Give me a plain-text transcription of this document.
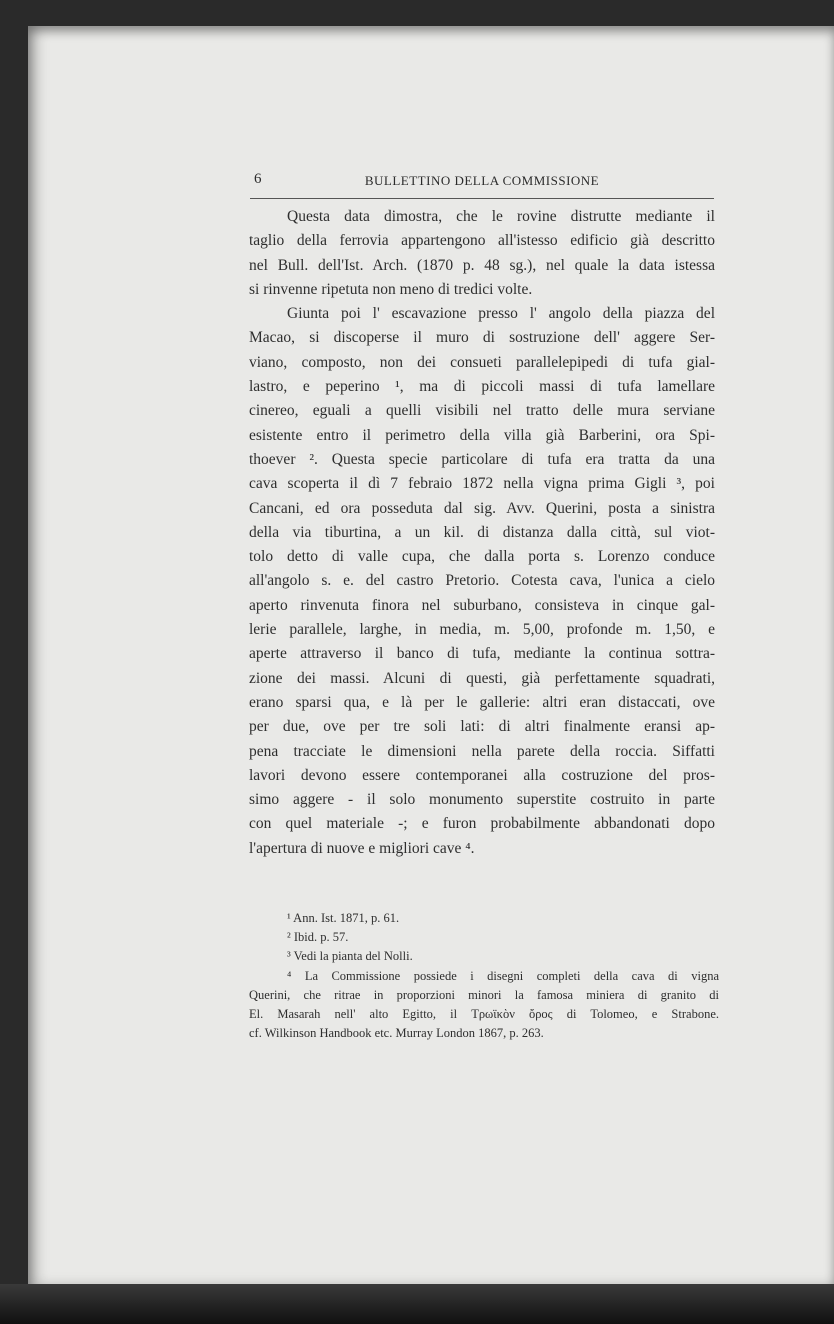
6	BULLETTINO DELLA COMMISSIONE
Questa data dimostra, che le rovine distrutte mediante il
taglio della ferrovia appartengono all'istesso edificio già descritto
nel Bull. dell'Ist. Arch. (1870 p. 48 sg.), nel quale la data istessa
si rinvenne ripetuta non meno di tredici volte.
Giunta poi l' escavazione presso l' angolo della piazza del
Macao, si discoperse il muro di sostruzione dell' aggere Ser-
viano, composto, non dei consueti parallelepipedi di tufa gial-
lastro, e peperino ¹, ma di piccoli massi di tufa lamellare
cinereo, eguali a quelli visibili nel tratto delle mura serviane
esistente entro il perimetro della villa già Barberini, ora Spi-
thoever ². Questa specie particolare di tufa era tratta da una
cava scoperta il dì 7 febraio 1872 nella vigna prima Gigli ³, poi
Cancani, ed ora posseduta dal sig. Avv. Querini, posta a sinistra
della via tiburtina, a un kil. di distanza dalla città, sul viot-
tolo detto di valle cupa, che dalla porta s. Lorenzo conduce
all'angolo s. e. del castro Pretorio. Cotesta cava, l'unica a cielo
aperto rinvenuta finora nel suburbano, consisteva in cinque gal-
lerie parallele, larghe, in media, m. 5,00, profonde m. 1,50, e
aperte attraverso il banco di tufa, mediante la continua sottra-
zione dei massi. Alcuni di questi, già perfettamente squadrati,
erano sparsi qua, e là per le gallerie: altri eran distaccati, ove
per due, ove per tre soli lati: di altri finalmente eransi ap-
pena tracciate le dimensioni nella parete della roccia. Siffatti
lavori devono essere contemporanei alla costruzione del pros-
simo aggere - il solo monumento superstite costruito in parte
con quel materiale -; e furon probabilmente abbandonati dopo
l'apertura di nuove e migliori cave ⁴.
¹ Ann. Ist. 1871, p. 61.
² Ibid. p. 57.
³ Vedi la pianta del Nolli.
⁴ La Commissione possiede i disegni completi della cava di vigna
Querini, che ritrae in proporzioni minori la famosa miniera di granito di
El. Masarah nell' alto Egitto, il Τρωϊκὸν ὄρος di Tolomeo, e Strabone.
cf. Wilkinson Handbook etc. Murray London 1867, p. 263.
